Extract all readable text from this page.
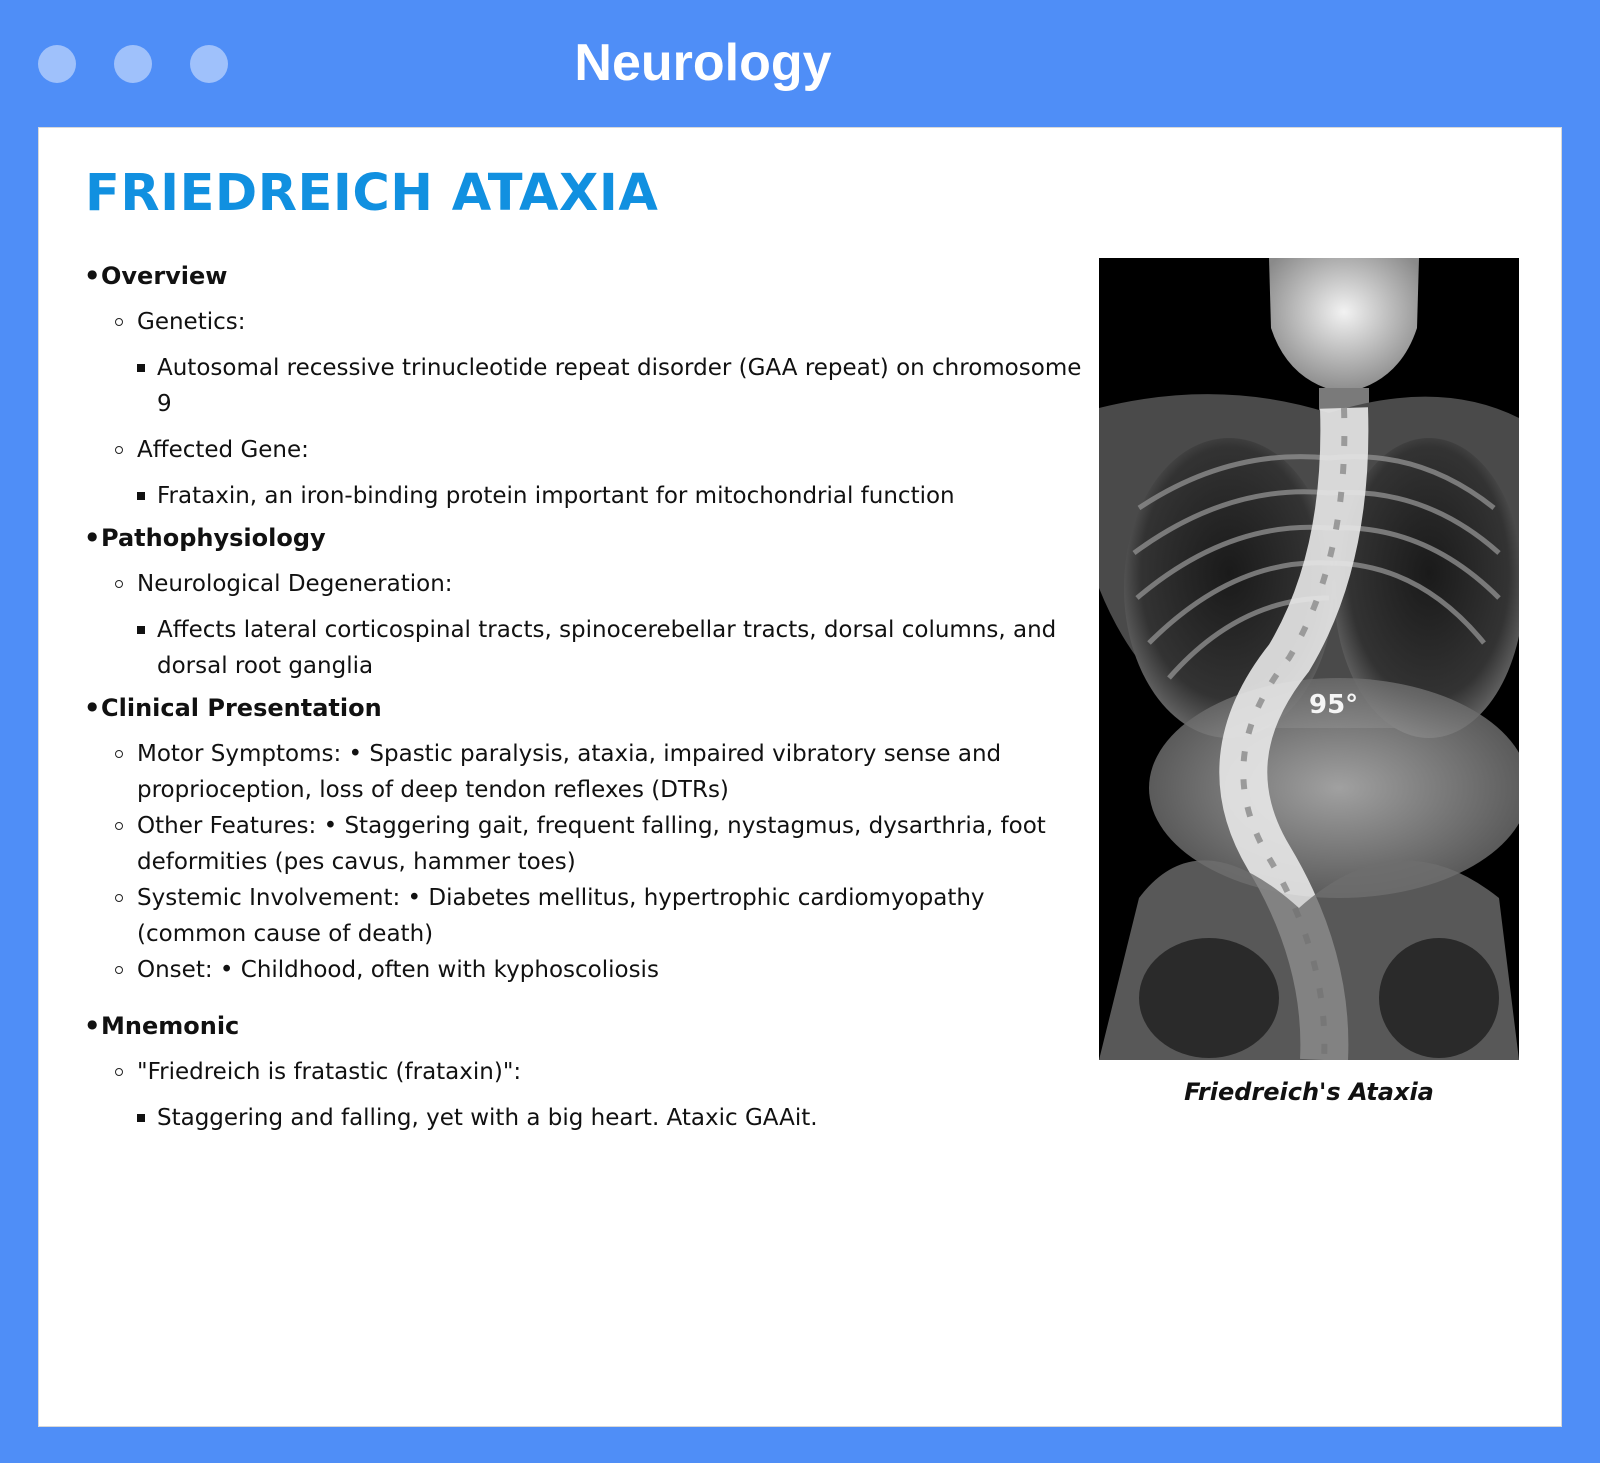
Neurology
FRIEDREICH ATAXIA
● Overview
Genetics:
Autosomal recessive trinucleotide repeat disorder (GAA repeat) on chromosome 9
Affected Gene:
Frataxin, an iron-binding protein important for mitochondrial function
● Pathophysiology
Neurological Degeneration:
Affects lateral corticospinal tracts, spinocerebellar tracts, dorsal columns, and dorsal root ganglia
● Clinical Presentation
Motor Symptoms: • Spastic paralysis, ataxia, impaired vibratory sense and proprioception, loss of deep tendon reflexes (DTRs)
Other Features: • Staggering gait, frequent falling, nystagmus, dysarthria, foot deformities (pes cavus, hammer toes)
Systemic Involvement: • Diabetes mellitus, hypertrophic cardiomyopathy (common cause of death)
Onset: • Childhood, often with kyphoscoliosis
● Mnemonic
"Friedreich is fratastic (frataxin)":
Staggering and falling, yet with a big heart. Ataxic GAAit.
95°
Friedreich's Ataxia
